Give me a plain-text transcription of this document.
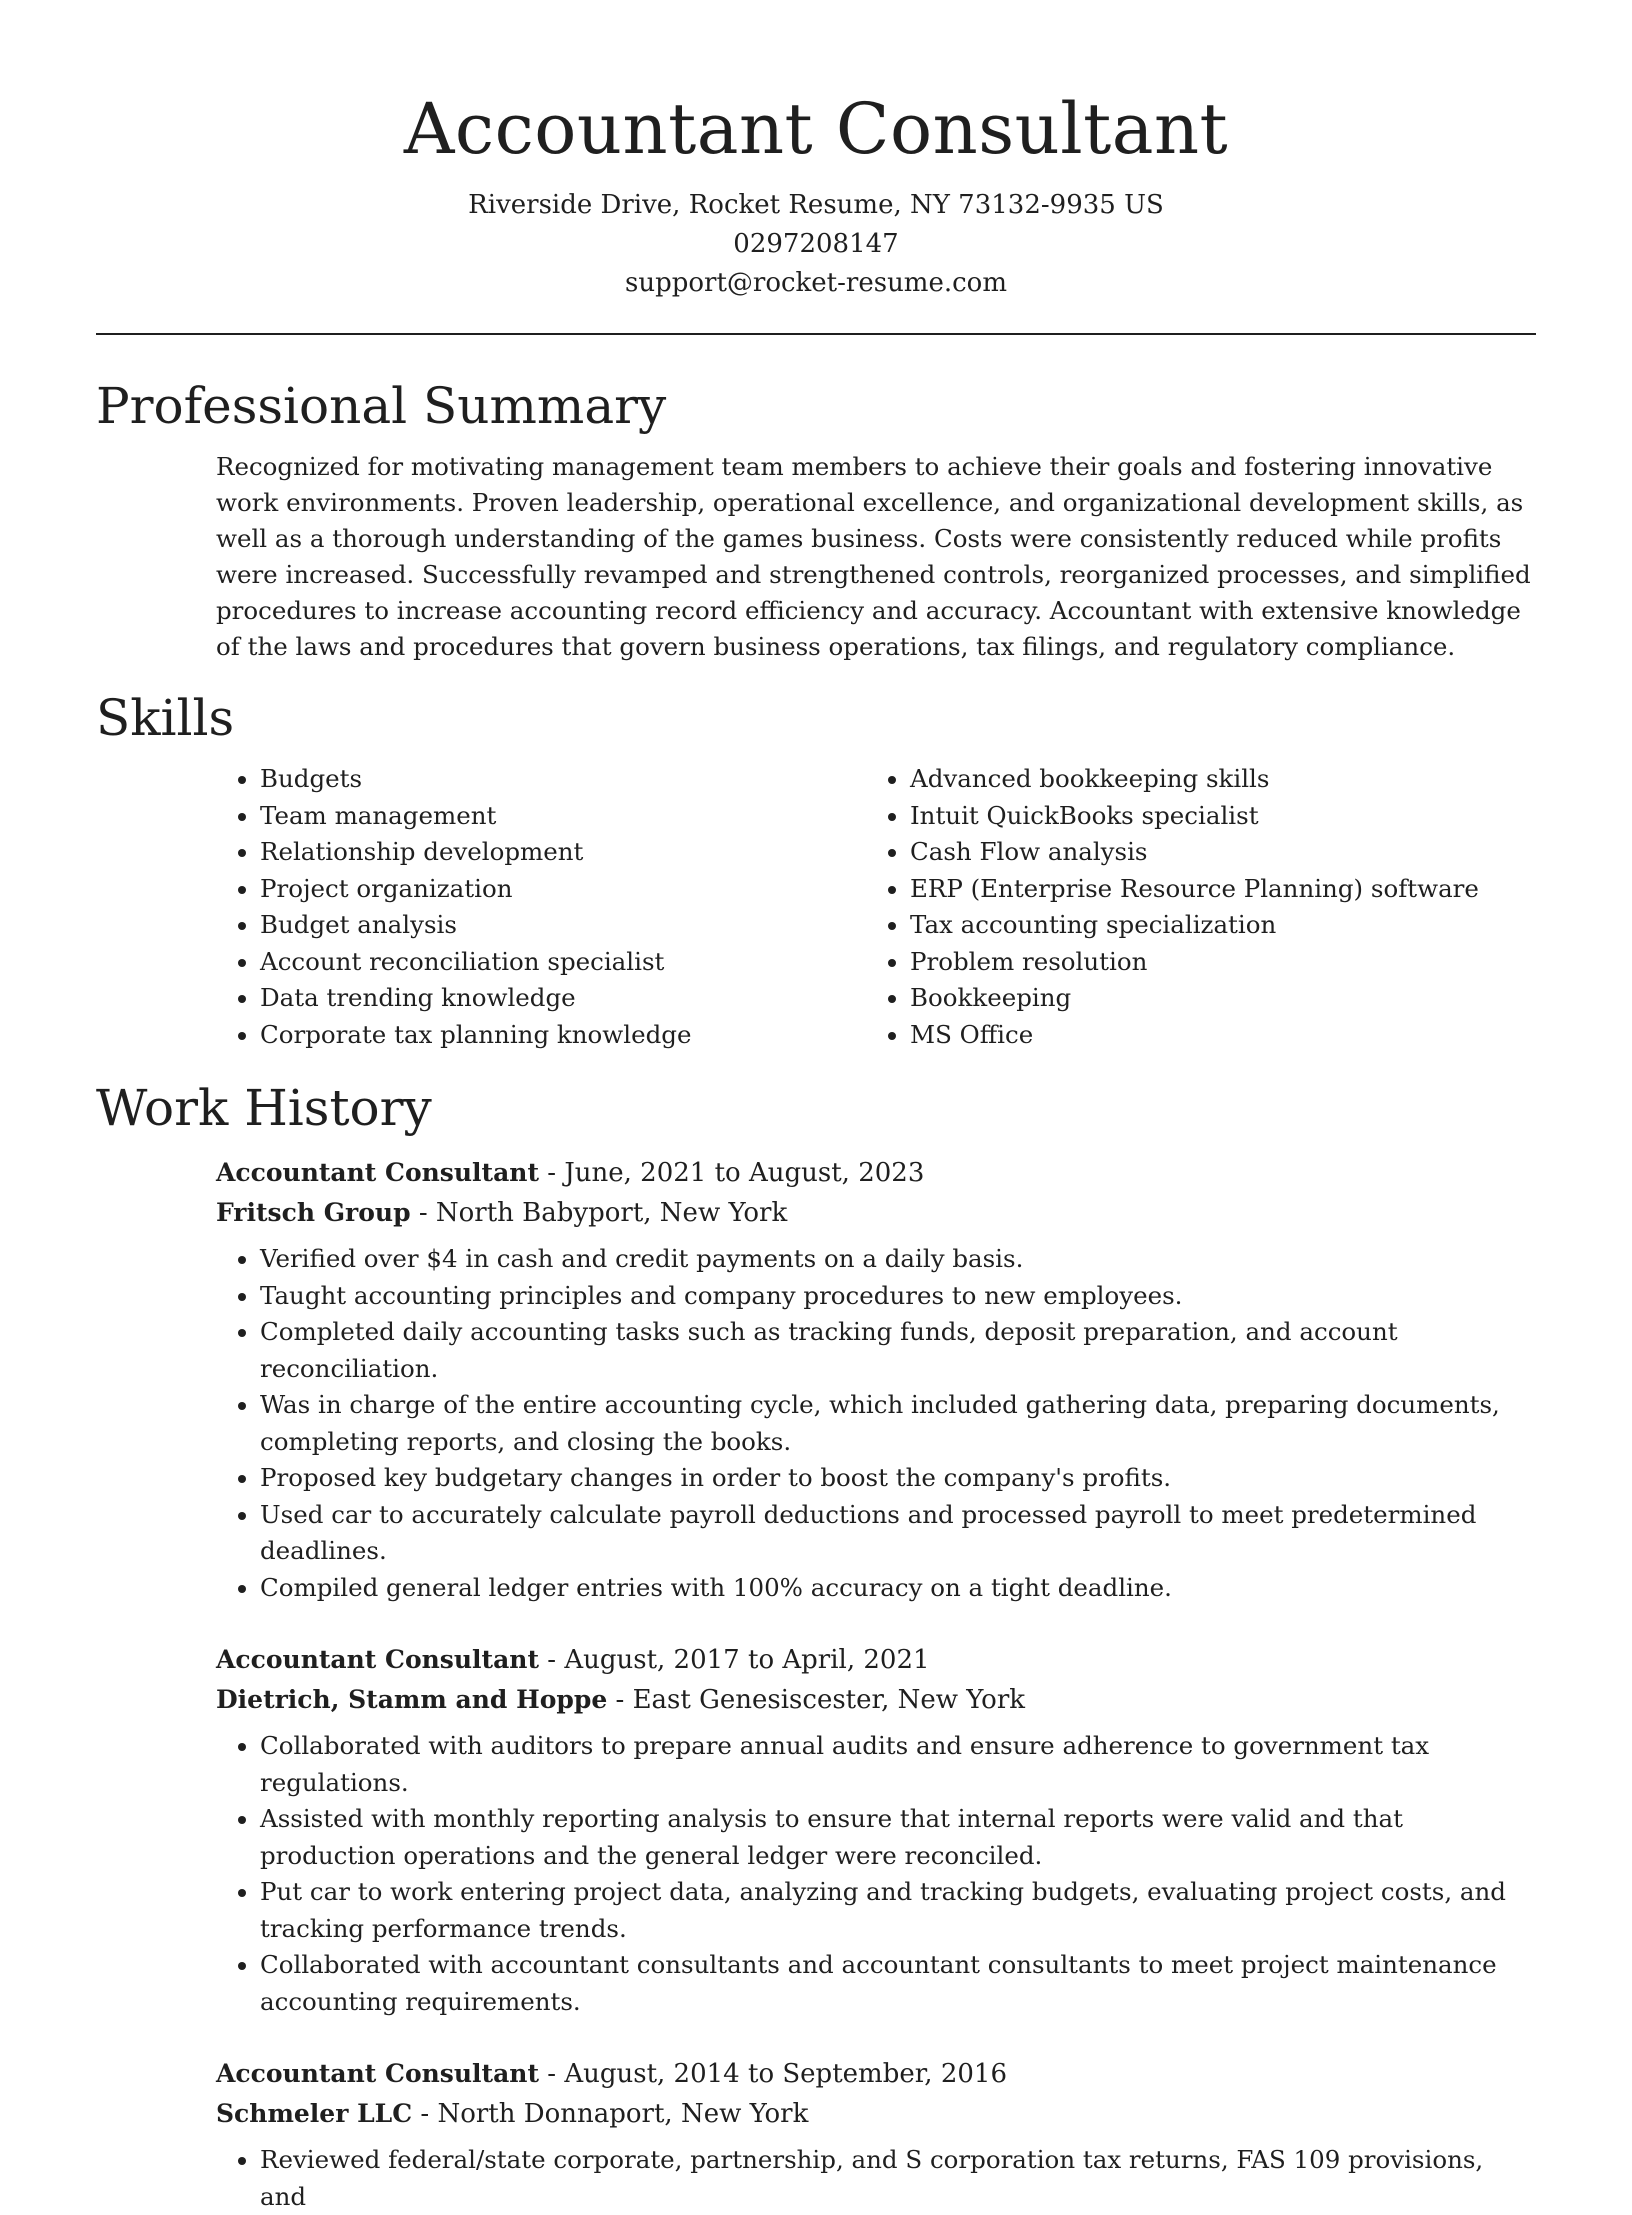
Accountant Consultant
Riverside Drive, Rocket Resume, NY 73132-9935 US
0297208147
support@rocket-resume.com
Professional Summary
Recognized for motivating management team members to achieve their goals and fostering innovative work environments. Proven leadership, operational excellence, and organizational development skills, as well as a thorough understanding of the games business. Costs were consistently reduced while profits were increased. Successfully revamped and strengthened controls, reorganized processes, and simplified procedures to increase accounting record efficiency and accuracy. Accountant with extensive knowledge of the laws and procedures that govern business operations, tax filings, and regulatory compliance.
Skills
• Budgets
• Team management
• Relationship development
• Project organization
• Budget analysis
• Account reconciliation specialist
• Data trending knowledge
• Corporate tax planning knowledge
• Advanced bookkeeping skills
• Intuit QuickBooks specialist
• Cash Flow analysis
• ERP (Enterprise Resource Planning) software
• Tax accounting specialization
• Problem resolution
• Bookkeeping
• MS Office
Work History
Accountant Consultant - June, 2021 to August, 2023
Fritsch Group - North Babyport, New York
• Verified over $4 in cash and credit payments on a daily basis.
• Taught accounting principles and company procedures to new employees.
• Completed daily accounting tasks such as tracking funds, deposit preparation, and account reconciliation.
• Was in charge of the entire accounting cycle, which included gathering data, preparing documents, completing reports, and closing the books.
• Proposed key budgetary changes in order to boost the company's profits.
• Used car to accurately calculate payroll deductions and processed payroll to meet predetermined deadlines.
• Compiled general ledger entries with 100% accuracy on a tight deadline.
Accountant Consultant - August, 2017 to April, 2021
Dietrich, Stamm and Hoppe - East Genesiscester, New York
• Collaborated with auditors to prepare annual audits and ensure adherence to government tax regulations.
• Assisted with monthly reporting analysis to ensure that internal reports were valid and that production operations and the general ledger were reconciled.
• Put car to work entering project data, analyzing and tracking budgets, evaluating project costs, and tracking performance trends.
• Collaborated with accountant consultants and accountant consultants to meet project maintenance accounting requirements.
Accountant Consultant - August, 2014 to September, 2016
Schmeler LLC - North Donnaport, New York
• Reviewed federal/state corporate, partnership, and S corporation tax returns, FAS 109 provisions, and
